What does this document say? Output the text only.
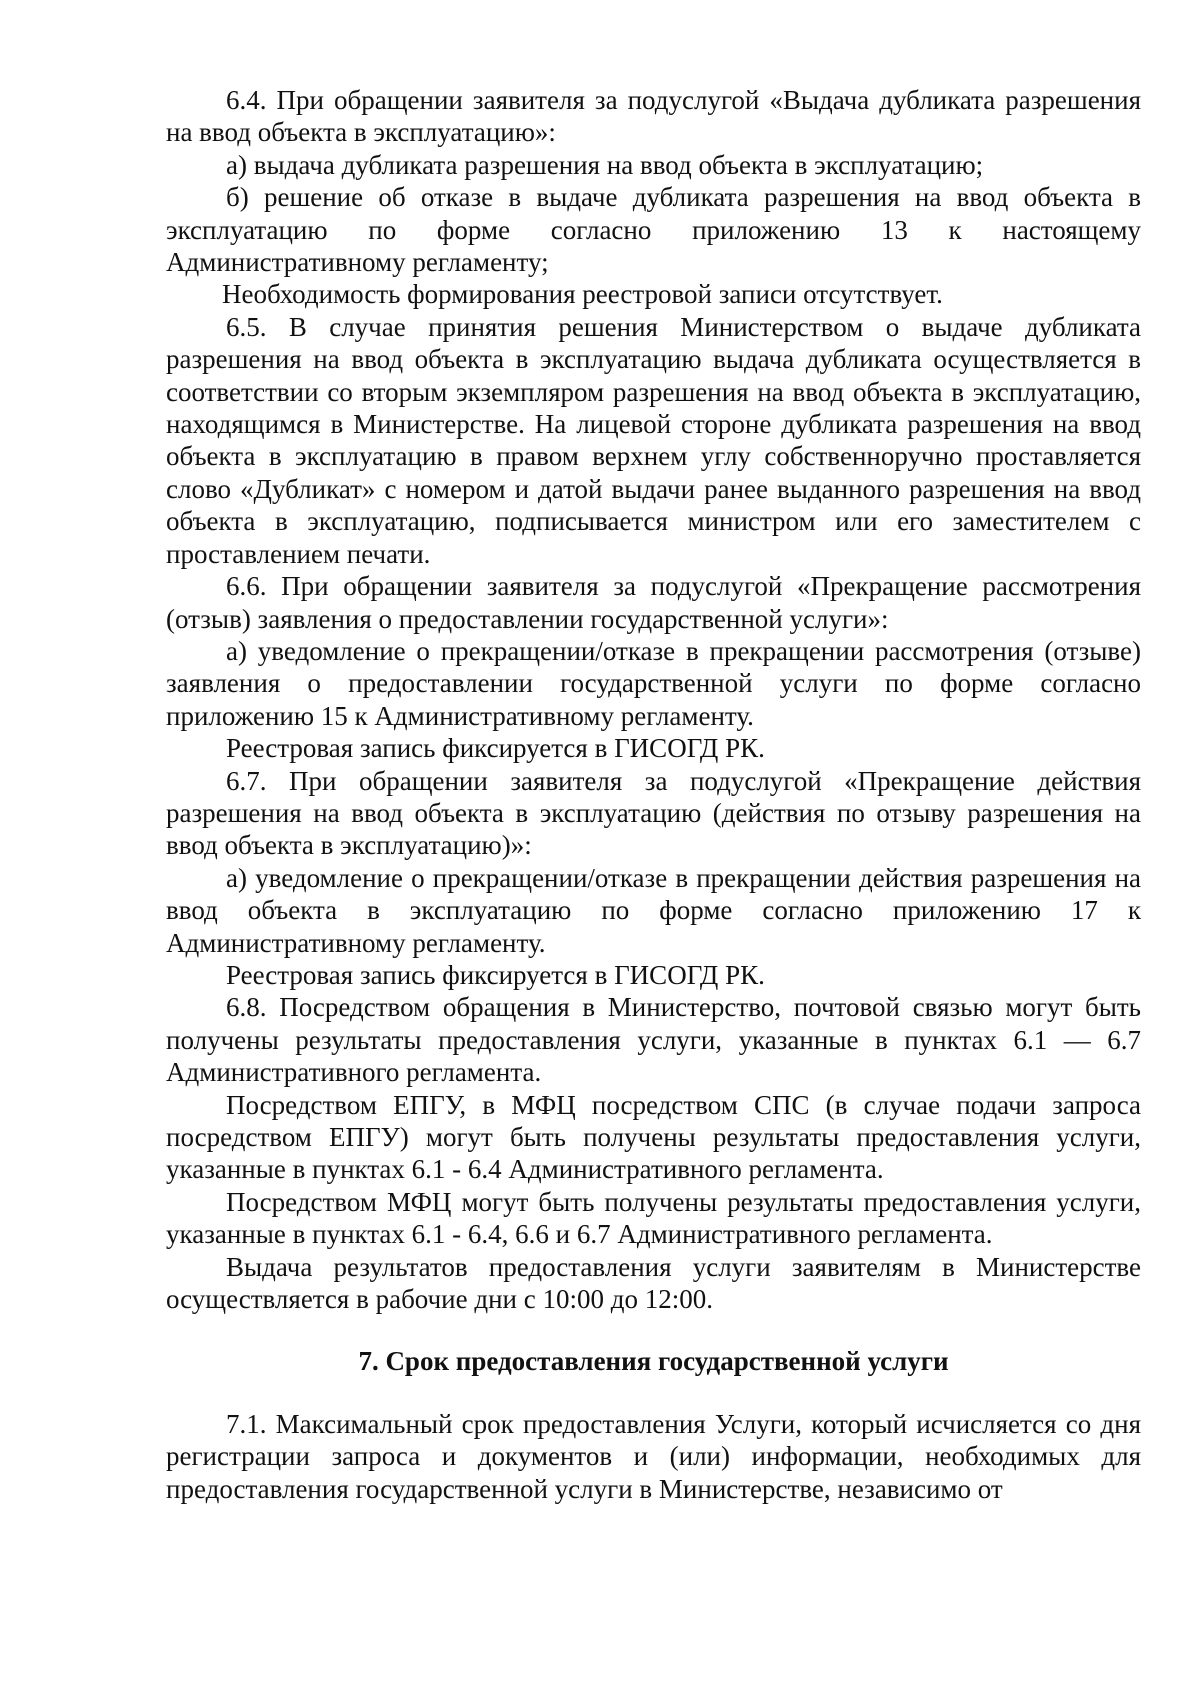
6.4. При обращении заявителя за подуслугой «Выдача дубликата разрешения на ввод объекта в эксплуатацию»:

а) выдача дубликата разрешения на ввод объекта в эксплуатацию;

б) решение об отказе в выдаче дубликата разрешения на ввод объекта в эксплуатацию по форме согласно приложению 13 к настоящему Административному регламенту;

Необходимость формирования реестровой записи отсутствует.

6.5. В случае принятия решения Министерством о выдаче дубликата разрешения на ввод объекта в эксплуатацию выдача дубликата осуществляется в соответствии со вторым экземпляром разрешения на ввод объекта в эксплуатацию, находящимся в Министерстве. На лицевой стороне дубликата разрешения на ввод объекта в эксплуатацию в правом верхнем углу собственноручно проставляется слово «Дубликат» с номером и датой выдачи ранее выданного разрешения на ввод объекта в эксплуатацию, подписывается министром или его заместителем с проставлением печати.

6.6. При обращении заявителя за подуслугой «Прекращение рассмотрения (отзыв) заявления о предоставлении государственной услуги»:

а) уведомление о прекращении/отказе в прекращении рассмотрения (отзыве) заявления о предоставлении государственной услуги по форме согласно приложению 15 к Административному регламенту.

Реестровая запись фиксируется в ГИСОГД РК.

6.7. При обращении заявителя за подуслугой «Прекращение действия разрешения на ввод объекта в эксплуатацию (действия по отзыву разрешения на ввод объекта в эксплуатацию)»:

а) уведомление о прекращении/отказе в прекращении действия разрешения на ввод объекта в эксплуатацию по форме согласно приложению 17 к Административному регламенту.

Реестровая запись фиксируется в ГИСОГД РК.

6.8. Посредством обращения в Министерство, почтовой связью могут быть получены результаты предоставления услуги, указанные в пунктах 6.1 — 6.7 Административного регламента.

Посредством ЕПГУ, в МФЦ посредством СПС (в случае подачи запроса посредством ЕПГУ) могут быть получены результаты предоставления услуги, указанные в пунктах 6.1 - 6.4 Административного регламента.

Посредством МФЦ могут быть получены результаты предоставления услуги, указанные в пунктах 6.1 - 6.4, 6.6 и 6.7 Административного регламента.

Выдача результатов предоставления услуги заявителям в Министерстве осуществляется в рабочие дни с 10:00 до 12:00.

7. Срок предоставления государственной услуги

7.1. Максимальный срок предоставления Услуги, который исчисляется со дня регистрации запроса и документов и (или) информации, необходимых для предоставления государственной услуги в Министерстве, независимо от
